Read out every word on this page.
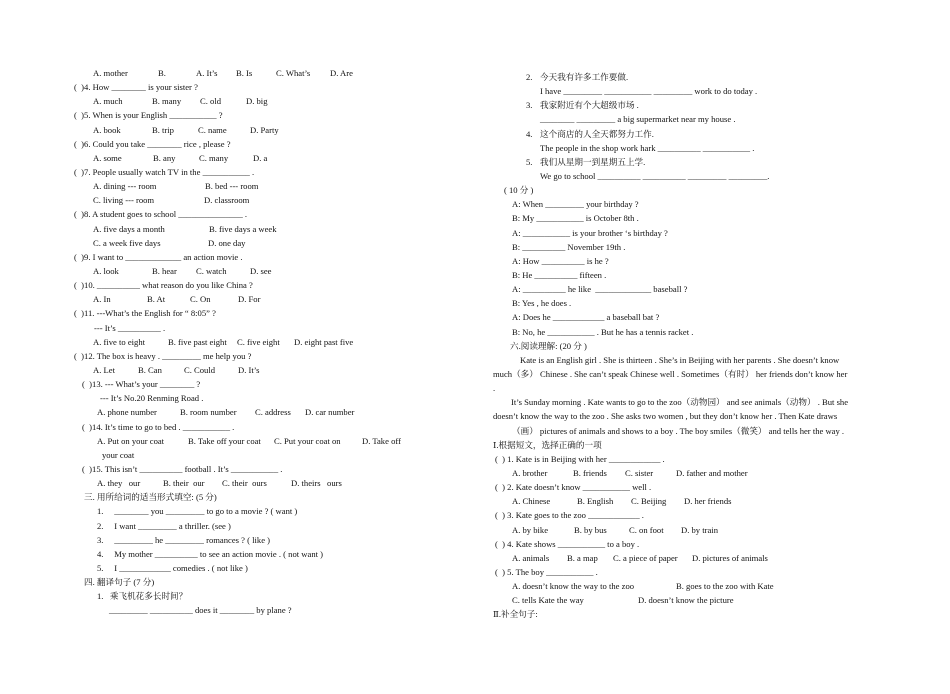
A. mother

	B.

	A. It’s

B. Is

	C. What’s

D. Are

(  )4. How ________ is your sister ?

A. much

	B. many

C. old

	D. big

(  )5. When is your English ___________ ?

A. book

	B. trip

	C. name

	D. Party

(  )6. Could you take ________ rice , please ?

A. some

	B. any

	C. many

	D. a

(  )7. People usually watch TV in the ___________ .

A. dining --- room

	B. bed --- room

C. living --- room

	D. classroom

(  )8. A student goes to school _______________ .

A. five days a month

	B. five days a week

C. a week five days

	D. one day

(  )9. I want to _____________ an action movie .

A. look

	B. hear

C. watch

	D. see

(  )10. __________ what reason do you like China ?

A. In

	B. At

	C. On

	D. For

(  )11. ---What’s the English for “ 8:05” ?
--- It’s __________ .

A. five to eight

	B. five past eight

C. five eight

D. eight past five

(  )12. The box is heavy . _________ me help you ?

A. Let

	B. Can

	C. Could

	D. It’s

(  )13. --- What’s your ________ ?
--- It’s No.20 Renming Road .

A. phone number

	B. room number

C. address

D. car number

(  )14. It’s time to go to bed . ___________ .

A. Put on your coat

	B. Take off your coat

C. Put your coat on

D. Take off

your coat
(  )15. This isn’t __________ football . It’s ___________ .

A. they   our

	B. their  our

C. their  ours

	D. theirs   ours

三. 用所给词的适当形式填空: (5 分)
1.     ________ you _________ to go to a movie ? ( want )
2.     I want _________ a thriller. (see )
3.     _________ he _________ romances ? ( like )
4.     My mother __________ to see an action movie . ( not want )
5.     I ____________ comedies . ( not like )
四. 翻译句子 (7 分)
1.   乘飞机花多长时间？
_________ __________ does it ________ by plane ?

2.

今天我有许多工作要做.

I have _________ ___________ _________ work to do today .

3.

我家附近有个大超级市场 .

________ _________ a big supermarket near my house .

4.

这个商店的人全天都努力工作.

The people in the shop work hark __________ ___________ .

5.

我们从星期一到星期五上学.

We go to school __________ __________ _________ _________.
( 10 分 )
A: When _________ your birthday ?
B: My ___________ is October 8th .
A: ___________ is your brother ‘s birthday ?
B: __________ November 19th .
A: How __________ is he ?
B: He __________ fifteen .
A: __________ he like  _____________ baseball ?
B: Yes , he does .
A: Does he ____________ a baseball bat ?
B: No, he ___________ . But he has a tennis racket .
六.阅读理解: (20 分 )
Kate is an English girl . She is thirteen . She’s in Beijing with her parents . She doesn’t know
much（多） Chinese . She can’t speak Chinese well . Sometimes（有时） her friends don’t know her
.
It’s Sunday morning . Kate wants to go to the zoo（动物园） and see animals（动物） . But she
doesn’t know the way to the zoo . She asks two women , but they don’t know her . Then Kate draws
（画） pictures of animals and shows to a boy . The boy smiles（微笑） and tells her the way .
Ⅰ.根据短文，选择正确的一项
(  ) 1. Kate is in Beijing with her ____________ .

A. brother

	B. friends

C. sister

	D. father and mother

(  ) 2. Kate doesn’t know ___________ well .

A. Chinese

	B. English

C. Beijing

D. her friends

(  ) 3. Kate goes to the zoo ____________ .

A. by bike

	B. by bus

	C. on foot

D. by train

(  ) 4. Kate shows ___________ to a boy .

A. animals

B. a map

C. a piece of paper

D. pictures of animals

(  ) 5. The boy ___________ .

A. doesn’t know the way to the zoo

	B. goes to the zoo with Kate

C. tells Kate the way

	D. doesn’t know the picture

Ⅱ.补全句子:
